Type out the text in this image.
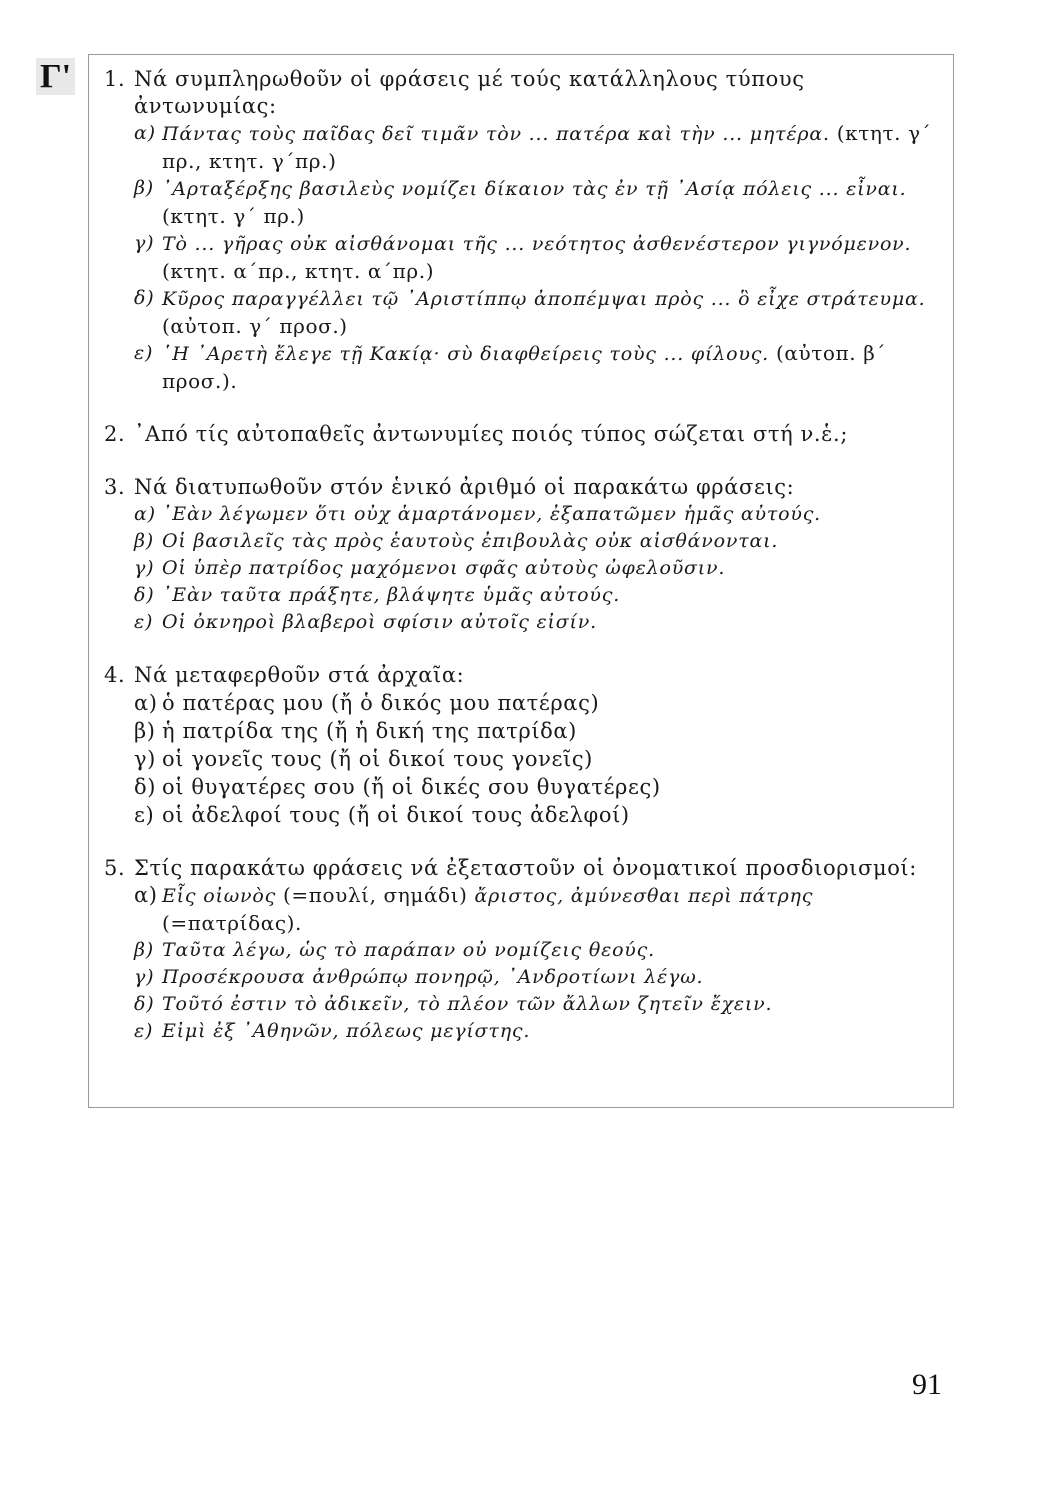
Γ' 1. Νά συμπληρωθοῦν οἱ φράσεις μέ τούς κατάλληλους τύπους ἀντωνυμίας:
α) Πάντας τοὺς παῖδας δεῖ τιμᾶν τὸν ... πατέρα καὶ τὴν ... μητέρα. (κτητ. γ΄ πρ., κτητ. γ΄πρ.)
β) ᾿Αρταξέρξης βασιλεὺς νομίζει δίκαιον τὰς ἐν τῇ ᾿Ασίᾳ πόλεις ... εἶναι. (κτητ. γ΄ πρ.)
γ) Τὸ ... γῆρας οὐκ αἰσθάνομαι τῆς ... νεότητος ἀσθενέστερον γιγνόμενον. (κτητ. α΄πρ., κτητ. α΄πρ.)
δ) Κῦρος παραγγέλλει τῷ ᾿Αριστίππῳ ἀποπέμψαι πρὸς ... ὃ εἶχε στράτευμα. (αὐτοπ. γ΄ προσ.)
ε) ῾Η ᾿Αρετὴ ἔλεγε τῇ Κακίᾳ· σὺ διαφθείρεις τοὺς ... φίλους. (αὐτοπ. β΄ προσ.).
2. ᾿Από τίς αὐτοπαθεῖς ἀντωνυμίες ποιός τύπος σώζεται στή ν.ἑ.;
3. Νά διατυπωθοῦν στόν ἑνικό ἀριθμό οἱ παρακάτω φράσεις:
α) ᾿Εὰν λέγωμεν ὅτι οὐχ ἁμαρτάνομεν, ἐξαπατῶμεν ἡμᾶς αὐτούς.
β) Οἱ βασιλεῖς τὰς πρὸς ἑαυτοὺς ἐπιβουλὰς οὐκ αἰσθάνονται.
γ) Οἱ ὑπὲρ πατρίδος μαχόμενοι σφᾶς αὐτοὺς ὠφελοῦσιν.
δ) ᾿Εὰν ταῦτα πράξητε, βλάψητε ὑμᾶς αὐτούς.
ε) Οἱ ὀκνηροὶ βλαβεροὶ σφίσιν αὐτοῖς εἰσίν.
4. Νά μεταφερθοῦν στά ἀρχαῖα:
α) ὁ πατέρας μου (ἤ ὁ δικός μου πατέρας)
β) ἡ πατρίδα της (ἤ ἡ δική της πατρίδα)
γ) οἱ γονεῖς τους (ἤ οἱ δικοί τους γονεῖς)
δ) οἱ θυγατέρες σου (ἤ οἱ δικές σου θυγατέρες)
ε) οἱ ἀδελφοί τους (ἤ οἱ δικοί τους ἀδελφοί)
5. Στίς παρακάτω φράσεις νά ἐξεταστοῦν οἱ ὀνοματικοί προσδιορισμοί:
α) Εἷς οἰωνὸς (=πουλί, σημάδι) ἄριστος, ἀμύνεσθαι περὶ πάτρης (=πατρίδας).
β) Ταῦτα λέγω, ὡς τὸ παράπαν οὐ νομίζεις θεούς.
γ) Προσέκρουσα ἀνθρώπῳ πονηρῷ, ᾿Ανδροτίωνι λέγω.
δ) Τοῦτό ἐστιν τὸ ἀδικεῖν, τὸ πλέον τῶν ἄλλων ζητεῖν ἔχειν.
ε) Εἰμὶ ἐξ ᾿Αθηνῶν, πόλεως μεγίστης.
91
